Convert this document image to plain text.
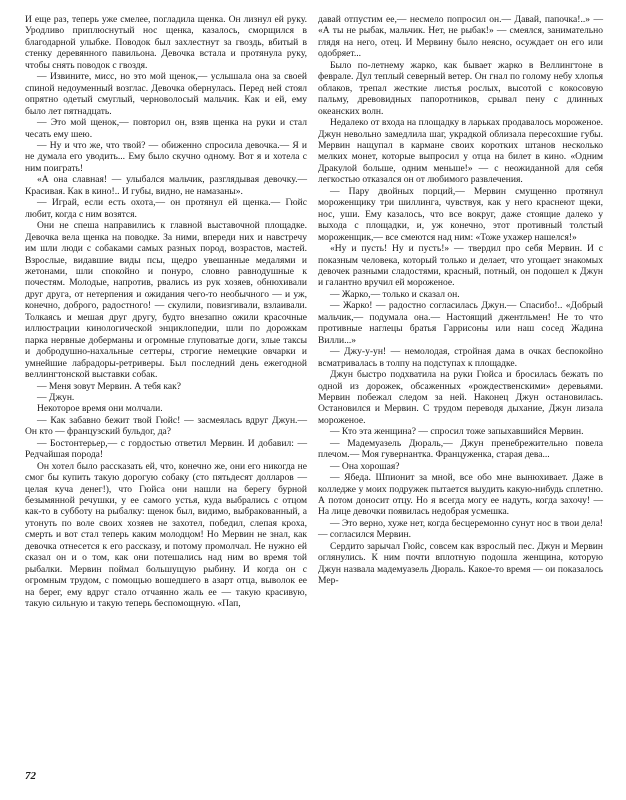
И еще раз, теперь уже смелее, погладила щенка. Он лизнул ей руку. Уродливо приплюснутый нос щенка, казалось, сморщился в благодарной улыбке. Поводок был захлестнут за гвоздь, вбитый в стенку деревянного павильона. Девочка встала и протянула руку, чтобы снять поводок с гвоздя.

— Извините, мисс, но это мой щенок,— услышала она за своей спиной недоуменный возглас. Девочка обернулась. Перед ней стоял опрятно одетый смуглый, черноволосый мальчик. Как и ей, ему было лет пятнадцать.

— Это мой щенок,— повторил он, взяв щенка на руки и стал чесать ему шею.

— Ну и что же, что твой? — обиженно спросила девочка.— Я и не думала его уводить... Ему было скучно одному. Вот я и хотела с ним поиграть!

«А она славная! — улыбался мальчик, разглядывая девочку.— Красивая. Как в кино!.. И губы, видно, не намазаны».

— Играй, если есть охота,— он протянул ей щенка.— Гюйс любит, когда с ним возятся.

Они не спеша направились к главной выставочной площадке. Девочка вела щенка на поводке. За ними, впереди них и навстречу им шли люди с собаками самых разных пород, возрастов, мастей. Взрослые, видавшие виды псы, щедро увешанные медалями и жетонами, шли спокойно и понуро, словно равнодушные к почестям. Молодые, напротив, рвались из рук хозяев, обнюхивали друг друга, от нетерпения и ожидания чего-то необычного — и уж, конечно, доброго, радостного! — скулили, повизгивали, взлаивали. Толкаясь и мешая друг другу, будто внезапно ожили красочные иллюстрации кинологической энциклопедии, шли по дорожкам парка нервные доберманы и огромные глуповатые доги, злые таксы и добродушно-нахальные сеттеры, строгие немецкие овчарки и умнейшие лабрадоры-ретриверы. Был последний день ежегодной веллингтонской выставки собак.

— Меня зовут Мервин. А тебя как?

— Джун.

Некоторое время они молчали.

— Как забавно бежит твой Гюйс! — засмеялась вдруг Джун.— Он кто — французский бульдог, да?

— Бостонтерьер,— с гордостью ответил Мервин. И добавил: — Редчайшая порода!

Он хотел было рассказать ей, что, конечно же, они его никогда не смог бы купить такую дорогую собаку (сто пятьдесят долларов — целая куча денег!), что Гюйса они нашли на берегу бурной безымянной речушки, у ее самого устья, куда выбрались с отцом как-то в субботу на рыбалку: щенок был, видимо, выбракованный, а утонуть по воле своих хозяев не захотел, победил, слепая кроха, смерть и вот стал теперь каким молодцом! Но Мервин не знал, как девочка отнесется к его рассказу, и потому промолчал. Не нужно ей сказал он и о том, как они потешались над ним во время той рыбалки. Мервин поймал большущую рыбину. И когда он с огромным трудом, с помощью вошедшего в азарт отца, выволок ее на берег, ему вдруг стало отчаянно жаль ее — такую красивую, такую сильную и такую теперь беспомощную. «Пап,

давай отпустим ее,— несмело попросил он.— Давай, папочка!..» — «А ты не рыбак, мальчик. Нет, не рыбак!» — смеялся, занимательно глядя на него, отец. И Мервину было неясно, осуждает он его или одобряет...

Было по-летнему жарко, как бывает жарко в Веллингтоне в феврале. Дул теплый северный ветер. Он гнал по голому небу хлопья облаков, трепал жесткие листья рослых, высотой с кокосовую пальму, древовидных папоротников, срывал пену с длинных океанских волн.

Недалеко от входа на площадку в ларьках продавалось мороженое. Джун невольно замедлила шаг, украдкой облизала пересохшие губы. Мервин нащупал в кармане своих коротких штанов несколько мелких монет, которые выпросил у отца на билет в кино. «Одним Дракулой больше, одним меньше!» — с неожиданной для себя легкостью отказался он от любимого развлечения.

— Пару двойных порций,— Мервин смущенно протянул мороженщику три шиллинга, чувствуя, как у него краснеют щеки, нос, уши. Ему казалось, что все вокруг, даже стоящие далеко у выхода с площадки, и, уж конечно, этот противный толстый мороженщик,— все смеются над ним: «Тоже ухажер нашелся!»

«Ну и пусть! Ну и пусть!» — твердил про себя Мервин. И с показным человека, который только и делает, что угощает знакомых девочек разными сладостями, красный, потный, он подошел к Джун и галантно вручил ей мороженое.

— Жарко,— только и сказал он.

— Жарко! — радостно согласилась Джун.— Спасибо!.. «Добрый мальчик,— подумала она.— Настоящий джентльмен! Не то что противные наглецы братья Гаррисоны или наш сосед Жадина Вилли...»

— Джу-у-ун! — немолодая, стройная дама в очках беспокойно всматривалась в толпу на подступах к площадке.

Джун быстро подхватила на руки Гюйса и бросилась бежать по одной из дорожек, обсаженных «рождественскими» деревьями. Мервин побежал следом за ней. Наконец Джун остановилась. Остановился и Мервин. С трудом переводя дыхание, Джун лизала мороженое.

— Кто эта женщина? — спросил тоже запыхавшийся Мервин.

— Мадемуазель Дюраль,— Джун пренебрежительно повела плечом.— Моя гувернантка. Француженка, старая дева...

— Она хорошая?

— Ябеда. Шпионит за мной, все обо мне вынюхивает. Даже в колледже у моих подружек пытается выудить какую-нибудь сплетню. А потом доносит отцу. Но я всегда могу ее надуть, когда захочу! — На лице девочки появилась недобрая усмешка.

— Это верно, хуже нет, когда бесцеремонно сунут нос в твои дела! — согласился Мервин.

Сердито зарычал Гюйс, совсем как взрослый пес. Джун и Мервин оглянулись. К ним почти вплотную подошла женщина, которую Джун назвала мадемуазель Дюраль. Какое-то время — ои показалось Мер-

72
